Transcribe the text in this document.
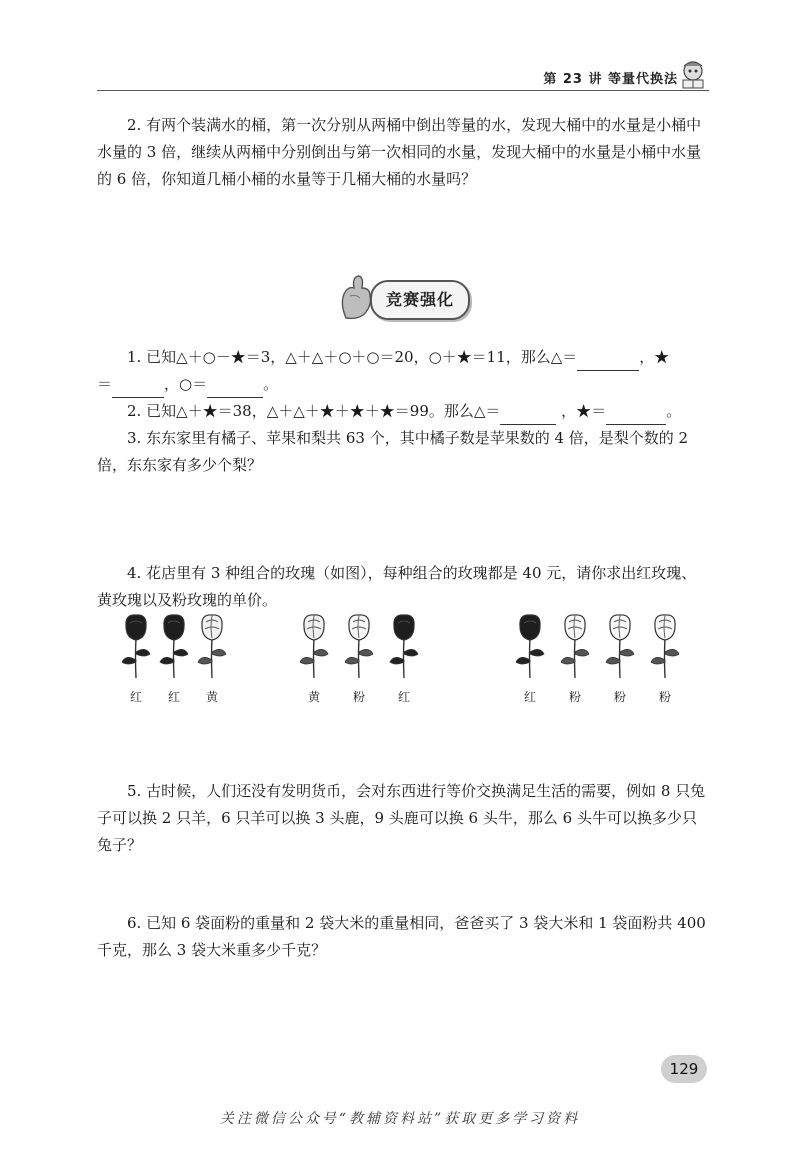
第 23 讲 等量代换法

2. 有两个装满水的桶，第一次分别从两桶中倒出等量的水，发现大桶中的水量是小桶中水量的 3 倍，继续从两桶中分别倒出与第一次相同的水量，发现大桶中的水量是小桶中水量的 6 倍，你知道几桶小桶的水量等于几桶大桶的水量吗？

竞赛强化
1. 已知△＋○－★＝3，△＋△＋○＋○＝20，○＋★＝11，那么△＝	，★
＝	，○＝	。
2. 已知△＋★＝38，△＋△＋★＋★＋★＝99。那么△＝	，★＝	。

3. 东东家里有橘子、苹果和梨共 63 个，其中橘子数是苹果数的 4 倍，是梨个数的 2 倍，东东家有多少个梨？

4. 花店里有 3 种组合的玫瑰（如图），每种组合的玫瑰都是 40 元，请你求出红玫瑰、黄玫瑰以及粉玫瑰的单价。

红	红	黄	黄	粉	红	红	粉	粉	粉

5. 古时候，人们还没有发明货币，会对东西进行等价交换满足生活的需要，例如 8 只兔子可以换 2 只羊，6 只羊可以换 3 头鹿，9 头鹿可以换 6 头牛，那么 6 头牛可以换多少只兔子？

6. 已知 6 袋面粉的重量和 2 袋大米的重量相同，爸爸买了 3 袋大米和 1 袋面粉共 400 千克，那么 3 袋大米重多少千克？

129
关注微信公众号“教辅资料站”获取更多学习资料
